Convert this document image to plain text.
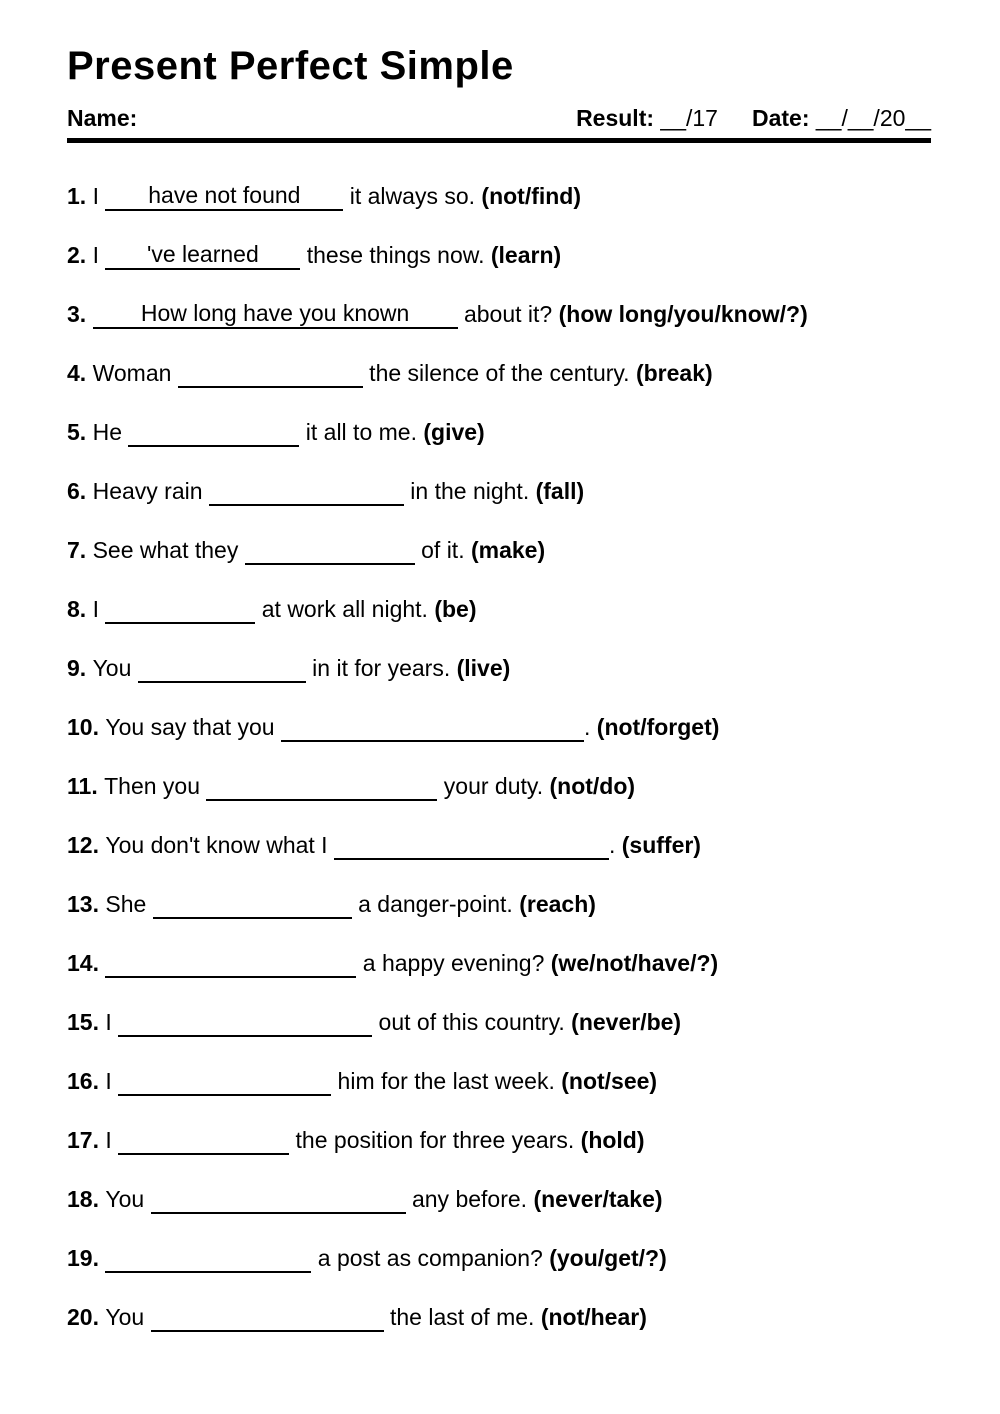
Present Perfect Simple
Name:	Result: __/17 Date: __/__/20__
1. I have not found it always so. (not/find)
2. I 've learned these things now. (learn)
3. How long have you known about it? (how long/you/know/?)
4. Woman	the silence of the century. (break)
5. He	it all to me. (give)
6. Heavy rain	in the night. (fall)
7. See what they	of it. (make)
8. I	at work all night. (be)
9. You	in it for years. (live)
10. You say that you	. (not/forget)
11. Then you	your duty. (not/do)
12. You don't know what I	. (suffer)
13. She	a danger-point. (reach)
14.	a happy evening? (we/not/have/?)
15. I	out of this country. (never/be)
16. I	him for the last week. (not/see)
17. I	the position for three years. (hold)
18. You	any before. (never/take)
19.	a post as companion? (you/get/?)
20. You	the last of me. (not/hear)
